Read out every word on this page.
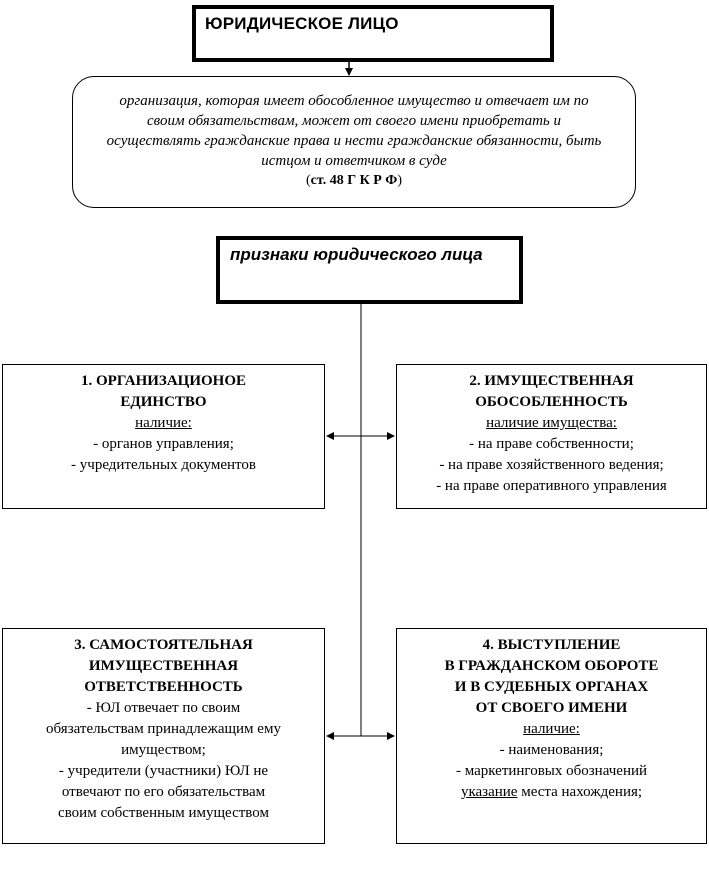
ЮРИДИЧЕСКОЕ ЛИЦО
организация, которая имеет обособленное имущество и отвечает им по своим обязательствам, может от своего имени приобретать и осуществлять гражданские права и нести гражданские обязанности, быть истцом и ответчиком в суде
(ст. 48 Г К Р Ф)
признаки юридического лица
1. ОРГАНИЗАЦИОНОЕ
ЕДИНСТВО
наличие:
- органов управления;
- учредительных документов
2. ИМУЩЕСТВЕННАЯ
ОБОСОБЛЕННОСТЬ
наличие имущества:
- на праве собственности;
- на праве хозяйственного ведения;
- на праве оперативного управления
3. САМОСТОЯТЕЛЬНАЯ
ИМУЩЕСТВЕННАЯ
ОТВЕТСТВЕННОСТЬ
- ЮЛ отвечает по своим
обязательствам принадлежащим ему
имуществом;
- учредители (участники) ЮЛ не
отвечают по его обязательствам
своим собственным имуществом
4. ВЫСТУПЛЕНИЕ
В ГРАЖДАНСКОМ ОБОРОТЕ
И В СУДЕБНЫХ ОРГАНАХ
ОТ СВОЕГО ИМЕНИ
наличие:
- наименования;
- маркетинговых обозначений
указание места нахождения;
